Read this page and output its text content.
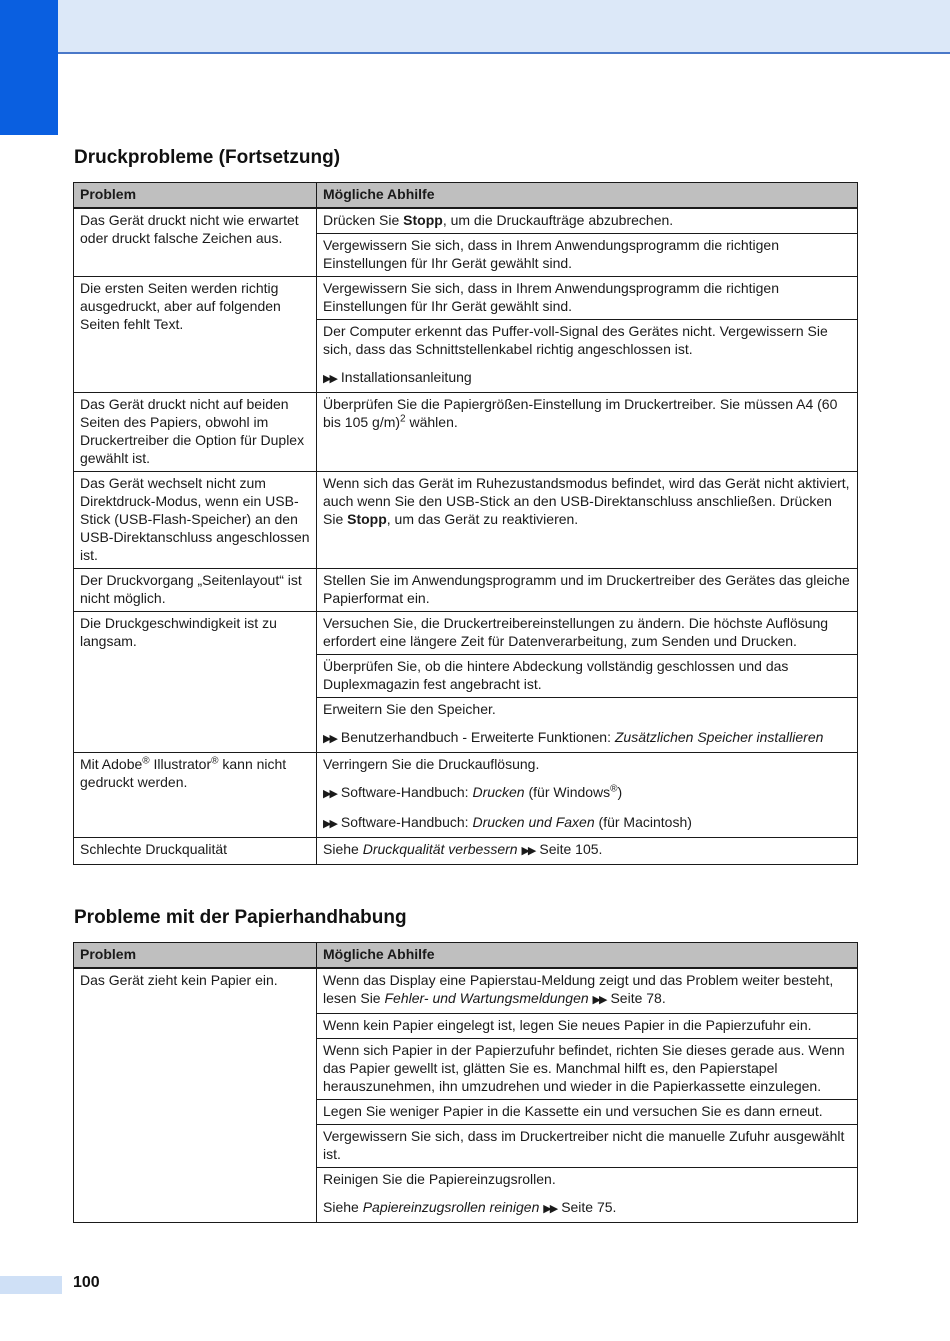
Druckprobleme (Fortsetzung)
Problem	Mögliche Abhilfe
Das Gerät druckt nicht wie erwartet oder druckt falsche Zeichen aus.	Drücken Sie Stopp, um die Druckaufträge abzubrechen.
	Vergewissern Sie sich, dass in Ihrem Anwendungsprogramm die richtigen Einstellungen für Ihr Gerät gewählt sind.
Die ersten Seiten werden richtig ausgedruckt, aber auf folgenden Seiten fehlt Text.	Vergewissern Sie sich, dass in Ihrem Anwendungsprogramm die richtigen Einstellungen für Ihr Gerät gewählt sind.
	Der Computer erkennt das Puffer-voll-Signal des Gerätes nicht. Vergewissern Sie sich, dass das Schnittstellenkabel richtig angeschlossen ist.
	▶▶ Installationsanleitung
Das Gerät druckt nicht auf beiden Seiten des Papiers, obwohl im Druckertreiber die Option für Duplex gewählt ist.	Überprüfen Sie die Papiergrößen-Einstellung im Druckertreiber. Sie müssen A4 (60 bis 105 g/m)$^2$ wählen.
Das Gerät wechselt nicht zum Direktdruck-Modus, wenn ein USB-Stick (USB-Flash-Speicher) an den USB-Direktanschluss angeschlossen ist.	Wenn sich das Gerät im Ruhezustandsmodus befindet, wird das Gerät nicht aktiviert, auch wenn Sie den USB-Stick an den USB-Direktanschluss anschließen. Drücken Sie Stopp, um das Gerät zu reaktivieren.
Der Druckvorgang „Seitenlayout“ ist nicht möglich.	Stellen Sie im Anwendungsprogramm und im Druckertreiber des Gerätes das gleiche Papierformat ein.
Die Druckgeschwindigkeit ist zu langsam.	Versuchen Sie, die Druckertreibereinstellungen zu ändern. Die höchste Auflösung erfordert eine längere Zeit für Datenverarbeitung, zum Senden und Drucken.
	Überprüfen Sie, ob die hintere Abdeckung vollständig geschlossen und das Duplexmagazin fest angebracht ist.
	Erweitern Sie den Speicher.
	▶▶ Benutzerhandbuch - Erweiterte Funktionen: Zusätzlichen Speicher installieren
Mit Adobe® Illustrator® kann nicht gedruckt werden.	Verringern Sie die Druckauflösung.
	▶▶ Software-Handbuch: Drucken (für Windows®)
	▶▶ Software-Handbuch: Drucken und Faxen (für Macintosh)
Schlechte Druckqualität	Siehe Druckqualität verbessern ▶▶ Seite 105.
Probleme mit der Papierhandhabung
Problem	Mögliche Abhilfe
Das Gerät zieht kein Papier ein.	Wenn das Display eine Papierstau-Meldung zeigt und das Problem weiter besteht, lesen Sie Fehler- und Wartungsmeldungen ▶▶ Seite 78.
	Wenn kein Papier eingelegt ist, legen Sie neues Papier in die Papierzufuhr ein.
	Wenn sich Papier in der Papierzufuhr befindet, richten Sie dieses gerade aus. Wenn das Papier gewellt ist, glätten Sie es. Manchmal hilft es, den Papierstapel herauszunehmen, ihn umzudrehen und wieder in die Papierkassette einzulegen.
	Legen Sie weniger Papier in die Kassette ein und versuchen Sie es dann erneut.
	Vergewissern Sie sich, dass im Druckertreiber nicht die manuelle Zufuhr ausgewählt ist.
	Reinigen Sie die Papiereinzugsrollen.
	Siehe Papiereinzugsrollen reinigen ▶▶ Seite 75.
100
